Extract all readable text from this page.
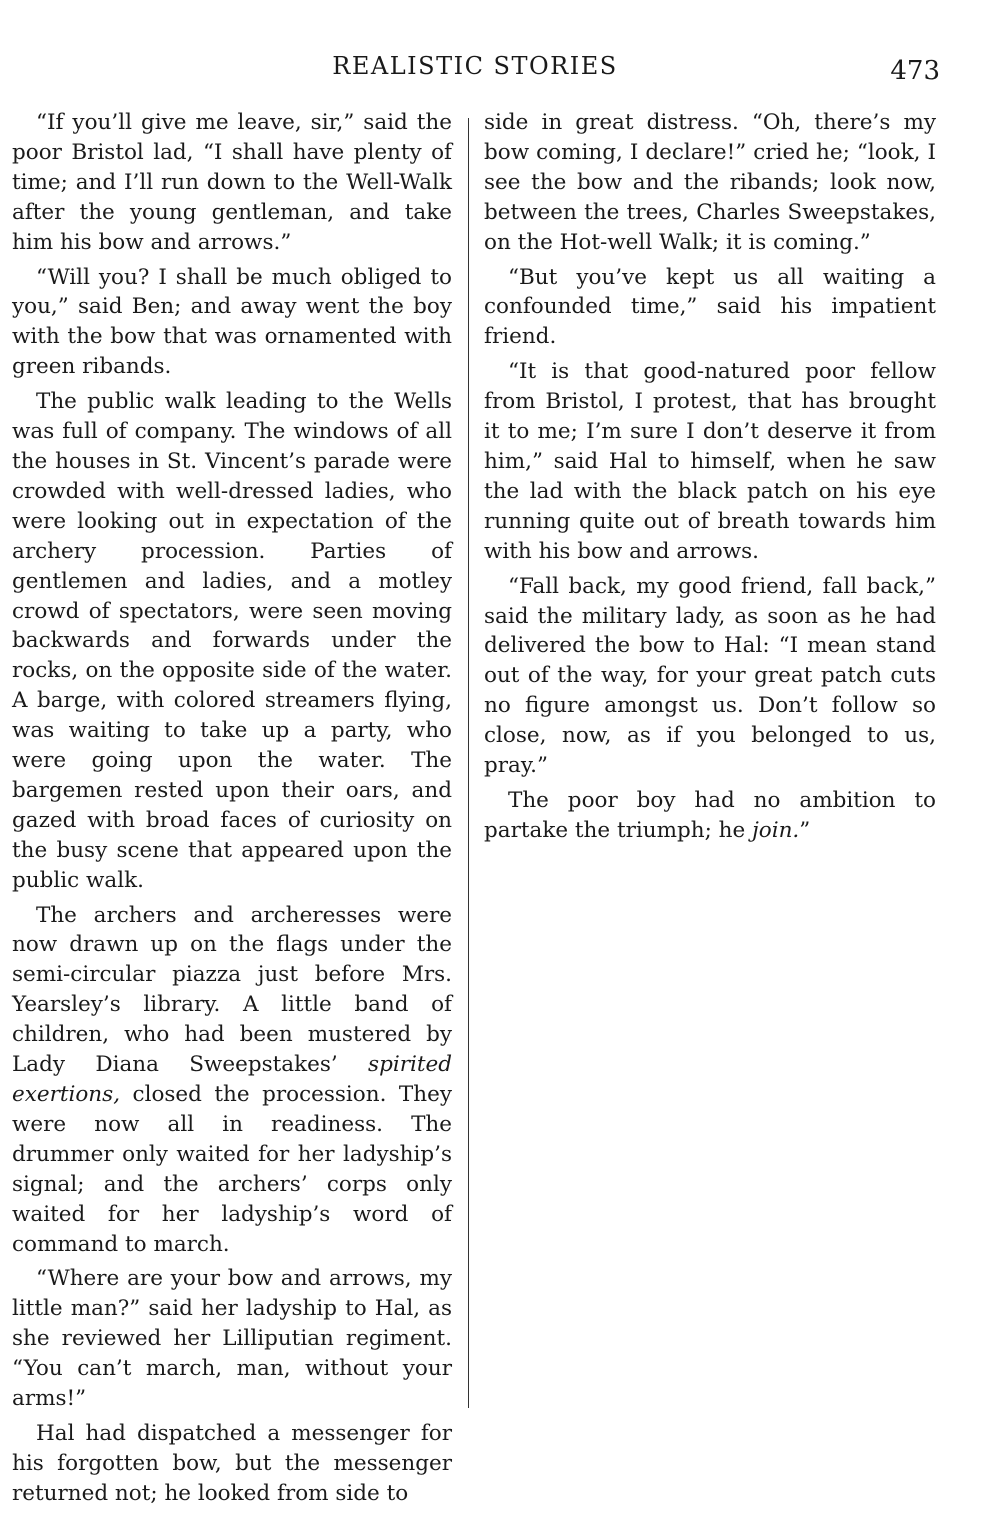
REALISTIC STORIES	473

“If you’ll give me leave, sir,” said the poor Bristol lad, “I shall have plenty of time; and I’ll run down to the Well-Walk after the young gentleman, and take him his bow and arrows.”

“Will you? I shall be much obliged to you,” said Ben; and away went the boy with the bow that was ornamented with green ribands.

The public walk leading to the Wells was full of company. The windows of all the houses in St. Vincent’s parade were crowded with well-dressed ladies, who were looking out in expectation of the archery procession. Parties of gentlemen and ladies, and a motley crowd of spectators, were seen moving backwards and forwards under the rocks, on the opposite side of the water. A barge, with colored streamers flying, was waiting to take up a party, who were going upon the water. The bargemen rested upon their oars, and gazed with broad faces of curiosity on the busy scene that appeared upon the public walk.

The archers and archeresses were now drawn up on the flags under the semi-circular piazza just before Mrs. Yearsley’s library. A little band of children, who had been mustered by Lady Diana Sweepstakes’ spirited exertions, closed the procession. They were now all in readiness. The drummer only waited for her ladyship’s signal; and the archers’ corps only waited for her ladyship’s word of command to march.

“Where are your bow and arrows, my little man?” said her ladyship to Hal, as she reviewed her Lilliputian regiment. “You can’t march, man, without your arms!”

Hal had dispatched a messenger for his forgotten bow, but the messenger returned not; he looked from side to

side in great distress. “Oh, there’s my bow coming, I declare!” cried he; “look, I see the bow and the ribands; look now, between the trees, Charles Sweepstakes, on the Hot-well Walk; it is coming.”

“But you’ve kept us all waiting a confounded time,” said his impatient friend.

“It is that good-natured poor fellow from Bristol, I protest, that has brought it to me; I’m sure I don’t deserve it from him,” said Hal to himself, when he saw the lad with the black patch on his eye running quite out of breath towards him with his bow and arrows.

“Fall back, my good friend, fall back,” said the military lady, as soon as he had delivered the bow to Hal: “I mean stand out of the way, for your great patch cuts no figure amongst us. Don’t follow so close, now, as if you belonged to us, pray.”

The poor boy had no ambition to partake the triumph; he join.”
